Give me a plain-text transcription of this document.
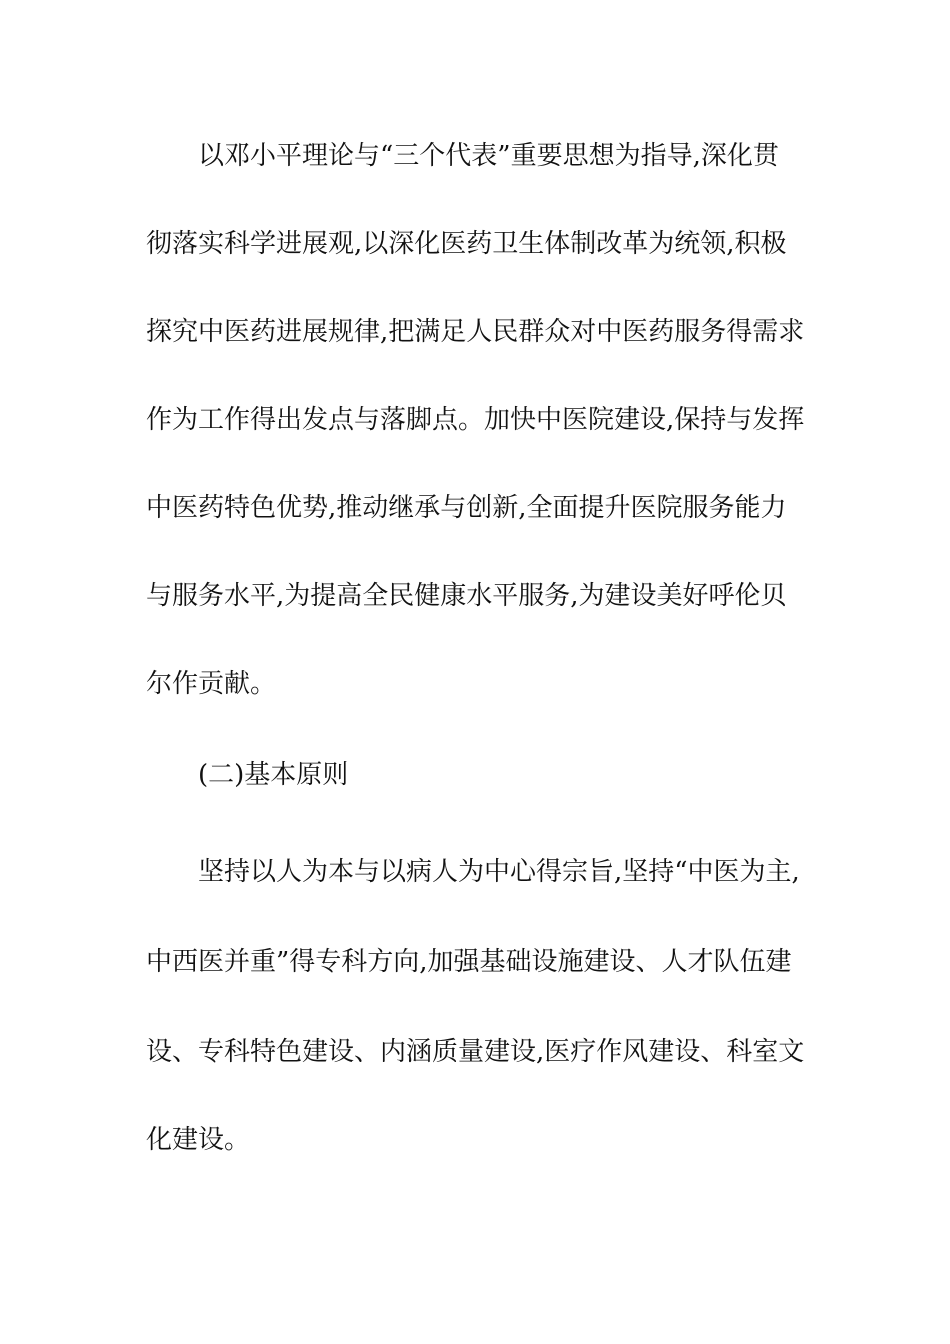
以邓小平理论与“三个代表”重要思想为指导,深化贯
彻落实科学进展观,以深化医药卫生体制改革为统领,积极
探究中医药进展规律,把满足人民群众对中医药服务得需求
作为工作得出发点与落脚点。加快中医院建设,保持与发挥
中医药特色优势,推动继承与创新,全面提升医院服务能力
与服务水平,为提高全民健康水平服务,为建设美好呼伦贝
尔作贡献。
(二)基本原则
坚持以人为本与以病人为中心得宗旨,坚持“中医为主,
中西医并重”得专科方向,加强基础设施建设、人才队伍建
设、专科特色建设、内涵质量建设,医疗作风建设、科室文
化建设。
